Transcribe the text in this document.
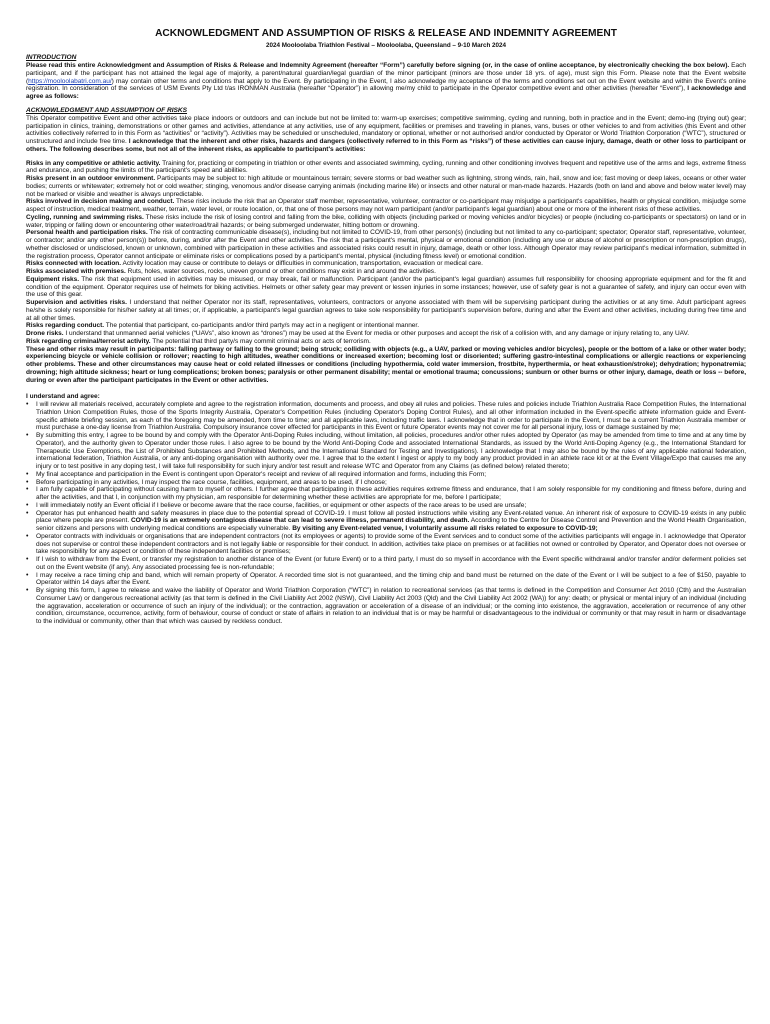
ACKNOWLEDGMENT AND ASSUMPTION OF RISKS & RELEASE AND INDEMNITY AGREEMENT
2024 Mooloolaba Triathlon Festival – Mooloolaba, Queensland – 9-10 March 2024
INTRODUCTION

Please read this entire Acknowledgment and Assumption of Risks & Release and Indemnity Agreement (hereafter “Form”) carefully before signing (or, in the case of online acceptance, by electronically checking the box below). Each participant, and if the participant has not attained the legal age of majority, a parent/natural guardian/legal guardian of the minor participant (minors are those under 18 yrs. of age), must sign this Form. Please note that the Event website (https://mooloolabatri.com.au/) may contain other terms and conditions that apply to the Event. By participating in the Event, I also acknowledge my acceptance of the terms and conditions set out on the Event website and within the Event's online registration. In consideration of the services of USM Events Pty Ltd t/as IRONMAN Australia (hereafter “Operator”) in allowing me/my child to participate in the Operator competitive event and other activities (hereafter “Event”), I acknowledge and agree as follows:

ACKNOWLEDGMENT AND ASSUMPTION OF RISKS

This Operator competitive Event and other activities take place indoors or outdoors and can include but not be limited to: warm-up exercises; competitive swimming, cycling and running, both in practice and in the Event; demo-ing (trying out) gear; participation in clinics, training, demonstrations or other games and activities, attendance at any activities, use of any equipment, facilities or premises and traveling in planes, vans, buses or other vehicles to and from activities (this Event and other activities collectively referred to in this Form as “activities” or “activity”). Activities may be scheduled or unscheduled, mandatory or optional, whether or not authorised and/or conducted by Operator or World Triathlon Corporation (“WTC”), structured or unstructured and include free time. I acknowledge that the inherent and other risks, hazards and dangers (collectively referred to in this Form as “risks”) of these activities can cause injury, damage, death or other loss to participant or others. The following describes some, but not all of the inherent risks, as applicable to participant's activities:

Risks in any competitive or athletic activity. Training for, practicing or competing in triathlon or other events and associated swimming, cycling, running and other conditioning involves frequent and repetitive use of the arms and legs, extreme fitness and endurance, and pushing the limits of the participant's speed and abilities.

Risks present in an outdoor environment. Participants may be subject to: high altitude or mountainous terrain; severe storms or bad weather such as lightning, strong winds, rain, hail, snow and ice; fast moving or deep lakes, oceans or other water bodies; currents or whitewater; extremely hot or cold weather; stinging, venomous and/or disease carrying animals (including marine life) or insects and other natural or man-made hazards. Hazards (both on land and above and below water level) may not be marked or visible and weather is always unpredictable.

Risks involved in decision making and conduct. These risks include the risk that an Operator staff member, representative, volunteer, contractor or co-participant may misjudge a participant's capabilities, health or physical condition, misjudge some aspect of instruction, medical treatment, weather, terrain, water level, or route location, or, that one of those persons may not warn participant (and/or participant's legal guardian) about one or more of the inherent risks of these activities.

Cycling, running and swimming risks. These risks include the risk of losing control and falling from the bike, colliding with objects (including parked or moving vehicles and/or bicycles) or people (including co-participants or spectators) on land or in water, tripping or falling down or encountering other water/road/trail hazards; or being submerged underwater, hitting bottom or drowning.

Personal health and participation risks. The risk of contracting communicable disease(s), including but not limited to COVID-19, from other person(s) (including but not limited to any co-participant; spectator; Operator staff, representative, volunteer, or contractor; and/or any other person(s)) before, during, and/or after the Event and other activities. The risk that a participant's mental, physical or emotional condition (including any use or abuse of alcohol or prescription or non-prescription drugs), whether disclosed or undisclosed, known or unknown, combined with participation in these activities and associated risks could result in injury, damage, death or other loss. Although Operator may review participant's medical information, submitted in the registration process, Operator cannot anticipate or eliminate risks or complications posed by a participant's mental, physical (including fitness level) or emotional condition.

Risks connected with location. Activity location may cause or contribute to delays or difficulties in communication, transportation, evacuation or medical care.

Risks associated with premises. Ruts, holes, water sources, rocks, uneven ground or other conditions may exist in and around the activities.

Equipment risks. The risk that equipment used in activities may be misused, or may break, fail or malfunction. Participant (and/or the participant's legal guardian) assumes full responsibility for choosing appropriate equipment and for the fit and condition of the equipment. Operator requires use of helmets for biking activities. Helmets or other safety gear may prevent or lessen injuries in some instances; however, use of safety gear is not a guarantee of safety, and injury can occur even with the use of this gear.

Supervision and activities risks. I understand that neither Operator nor its staff, representatives, volunteers, contractors or anyone associated with them will be supervising participant during the activities or at any time. Adult participant agrees he/she is solely responsible for his/her safety at all times; or, if applicable, a participant's legal guardian agrees to take sole responsibility for participant's supervision before, during and after the Event and other activities, including during free time and at all other times.

Risks regarding conduct. The potential that participant, co-participants and/or third party/s may act in a negligent or intentional manner.

Drone risks. I understand that unmanned aerial vehicles (“UAVs”, also known as “drones”) may be used at the Event for media or other purposes and accept the risk of a collision with, and any damage or injury relating to, any UAV.

Risk regarding criminal/terrorist activity. The potential that third party/s may commit criminal acts or acts of terrorism.

These and other risks may result in participants: falling partway or falling to the ground; being struck; colliding with objects (e.g., a UAV, parked or moving vehicles and/or bicycles), people or the bottom of a lake or other water body; experiencing bicycle or vehicle collision or rollover; reacting to high altitudes, weather conditions or increased exertion; becoming lost or disoriented; suffering gastro-intestinal complications or allergic reactions or experiencing other problems. These and other circumstances may cause heat or cold related illnesses or conditions (including hypothermia, cold water immersion, frostbite, hyperthermia, or heat exhaustion/stroke); dehydration; hyponatremia; drowning; high altitude sickness; heart or lung complications; broken bones; paralysis or other permanent disability; mental or emotional trauma; concussions; sunburn or other burns or other injury, damage, death or loss -- before, during or even after the participant participates in the Event or other activities.

I understand and agree:

• I will review all materials received, accurately complete and agree to the registration information, documents and process, and obey all rules and policies. These rules and policies include Triathlon Australia Race Competition Rules, the International Triathlon Union Competition Rules, those of the Sports Integrity Australia, Operator's Competition Rules (including Operator's Doping Control Rules), and all other information included in the Event-specific athlete information guide and Event-specific athlete briefing session, as each of the foregoing may be amended, from time to time; and all applicable laws, including traffic laws. I acknowledge that in order to participate in the Event, I must be a current Triathlon Australia member or must purchase a one-day license from Triathlon Australia. Compulsory insurance cover effected for participants in this Event or future Operator events may not cover me for all personal injury, loss or damage sustained by me;
• By submitting this entry, I agree to be bound by and comply with the Operator Anti-Doping Rules including, without limitation, all policies, procedures and/or other rules adopted by Operator (as may be amended from time to time and at any time by Operator), and the authority given to Operator under those rules. I also agree to be bound by the World Anti-Doping Code and associated International Standards, as issued by the World Anti-Doping Agency (e.g., the International Standard for Therapeutic Use Exemptions, the List of Prohibited Substances and Prohibited Methods, and the International Standard for Testing and Investigations). I acknowledge that I may also be bound by the rules of any applicable national federation, international federation, Triathlon Australia, or any anti-doping organisation with authority over me. I agree that to the extent I ingest or apply to my body any product provided in an athlete race kit or at the Event Village/Expo that causes me any injury or to test positive in any doping test, I will take full responsibility for such injury and/or test result and release WTC and Operator from any Claims (as defined below) related thereto;
• My final acceptance and participation in the Event is contingent upon Operator's receipt and review of all required information and forms, including this Form;
• Before participating in any activities, I may inspect the race course, facilities, equipment, and areas to be used, if I choose;
• I am fully capable of participating without causing harm to myself or others. I further agree that participating in these activities requires extreme fitness and endurance, that I am solely responsible for my conditioning and fitness before, during and after the activities, and that I, in conjunction with my physician, am responsible for determining whether these activities are appropriate for me, before I participate;
• I will immediately notify an Event official if I believe or become aware that the race course, facilities, or equipment or other aspects of the race areas to be used are unsafe;
• Operator has put enhanced health and safety measures in place due to the potential spread of COVID-19. I must follow all posted instructions while visiting any Event-related venue. An inherent risk of exposure to COVID-19 exists in any public place where people are present. COVID-19 is an extremely contagious disease that can lead to severe illness, permanent disability, and death. According to the Centre for Disease Control and Prevention and the World Health Organisation, senior citizens and persons with underlying medical conditions are especially vulnerable. By visiting any Event-related venue, I voluntarily assume all risks related to exposure to COVID-19;
• Operator contracts with individuals or organisations that are independent contractors (not its employees or agents) to provide some of the Event services and to conduct some of the activities participants will engage in. I acknowledge that Operator does not supervise or control these independent contractors and is not legally liable or responsible for their conduct. In addition, activities take place on premises or at facilities not owned or controlled by Operator, and Operator does not oversee or take responsibility for any aspect or condition of these independent facilities or premises;
• If I wish to withdraw from the Event, or transfer my registration to another distance of the Event (or future Event) or to a third party, I must do so myself in accordance with the Event specific withdrawal and/or transfer and/or deferment policies set out on the Event website (if any). Any associated processing fee is non-refundable;
• I may receive a race timing chip and band, which will remain property of Operator. A recorded time slot is not guaranteed, and the timing chip and band must be returned on the date of the Event or I will be subject to a fee of $150, payable to Operator within 14 days after the Event.
• By signing this form, I agree to release and waive the liability of Operator and World Triathlon Corporation (“WTC”) in relation to recreational services (as that terms is defined in the Competition and Consumer Act 2010 (Cth) and the Australian Consumer Law) or dangerous recreational activity (as that term is defined in the Civil Liability Act 2002 (NSW), Civil Liability Act 2003 (Qld) and the Civil Liability Act 2002 (WA)) for any: death; or physical or mental injury of an individual (including the aggravation, acceleration or occurrence of such an injury of the individual); or the contraction, aggravation or acceleration of a disease of an individual; or the coming into existence, the aggravation, acceleration or recurrence of any other condition, circumstance, occurrence, activity, form of behaviour, course of conduct or state of affairs in relation to an individual that is or may be harmful or disadvantageous to the individual or community or that may result in harm or disadvantage to the individual or community, other than that which was caused by reckless conduct.
